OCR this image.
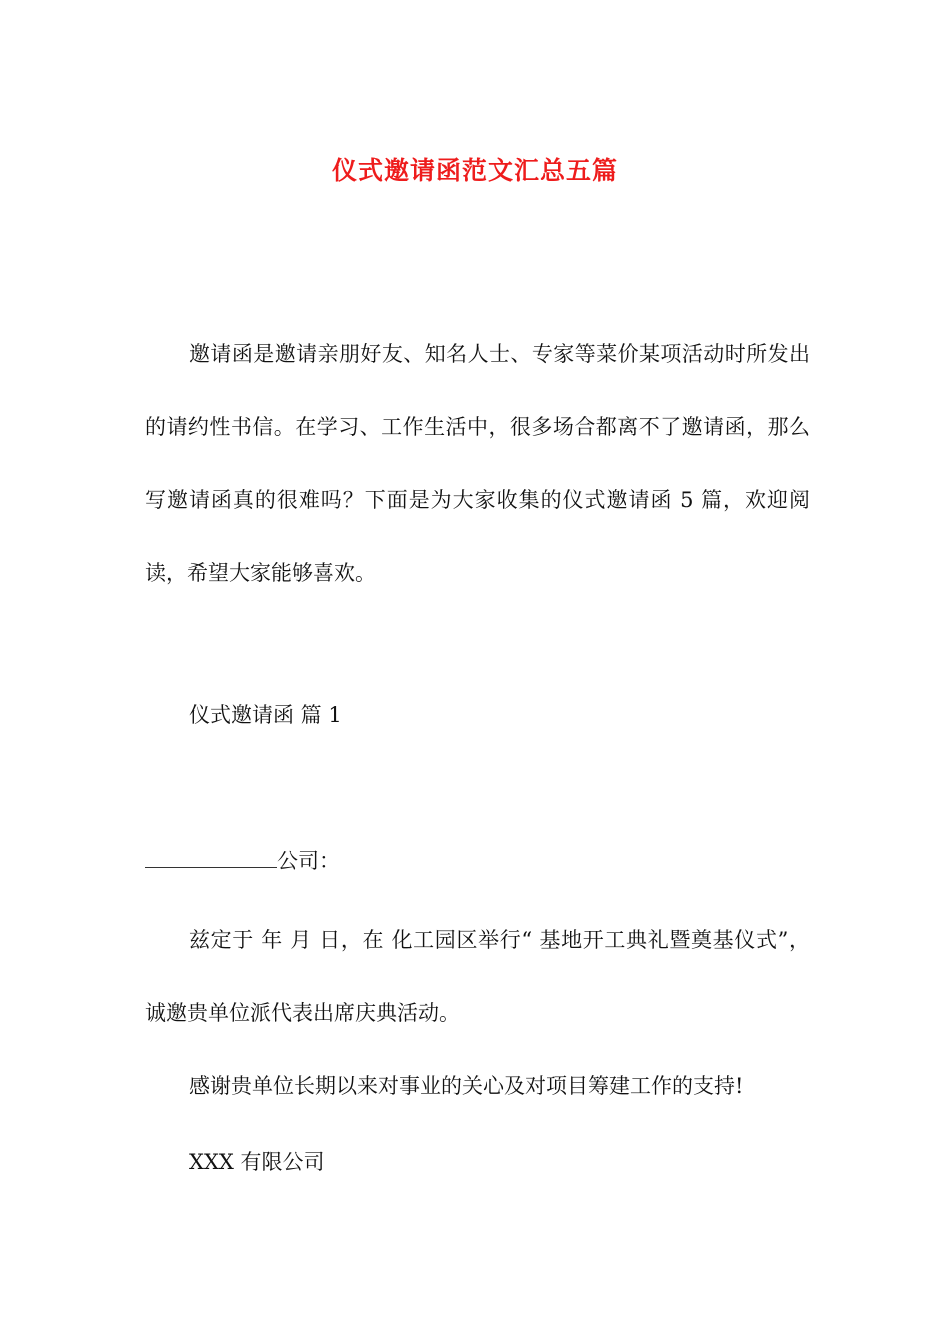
仪式邀请函范文汇总五篇

邀请函是邀请亲朋好友、知名人士、专家等菜价某项活动时所发出的请约性书信。在学习、工作生活中，很多场合都离不了邀请函，那么写邀请函真的很难吗？下面是为大家收集的仪式邀请函 5 篇，欢迎阅读，希望大家能够喜欢。

仪式邀请函 篇 1

公司：

兹定于 年 月 日，在 化工园区举行“ 基地开工典礼暨奠基仪式”，诚邀贵单位派代表出席庆典活动。

感谢贵单位长期以来对事业的关心及对项目筹建工作的支持!

XXX 有限公司
